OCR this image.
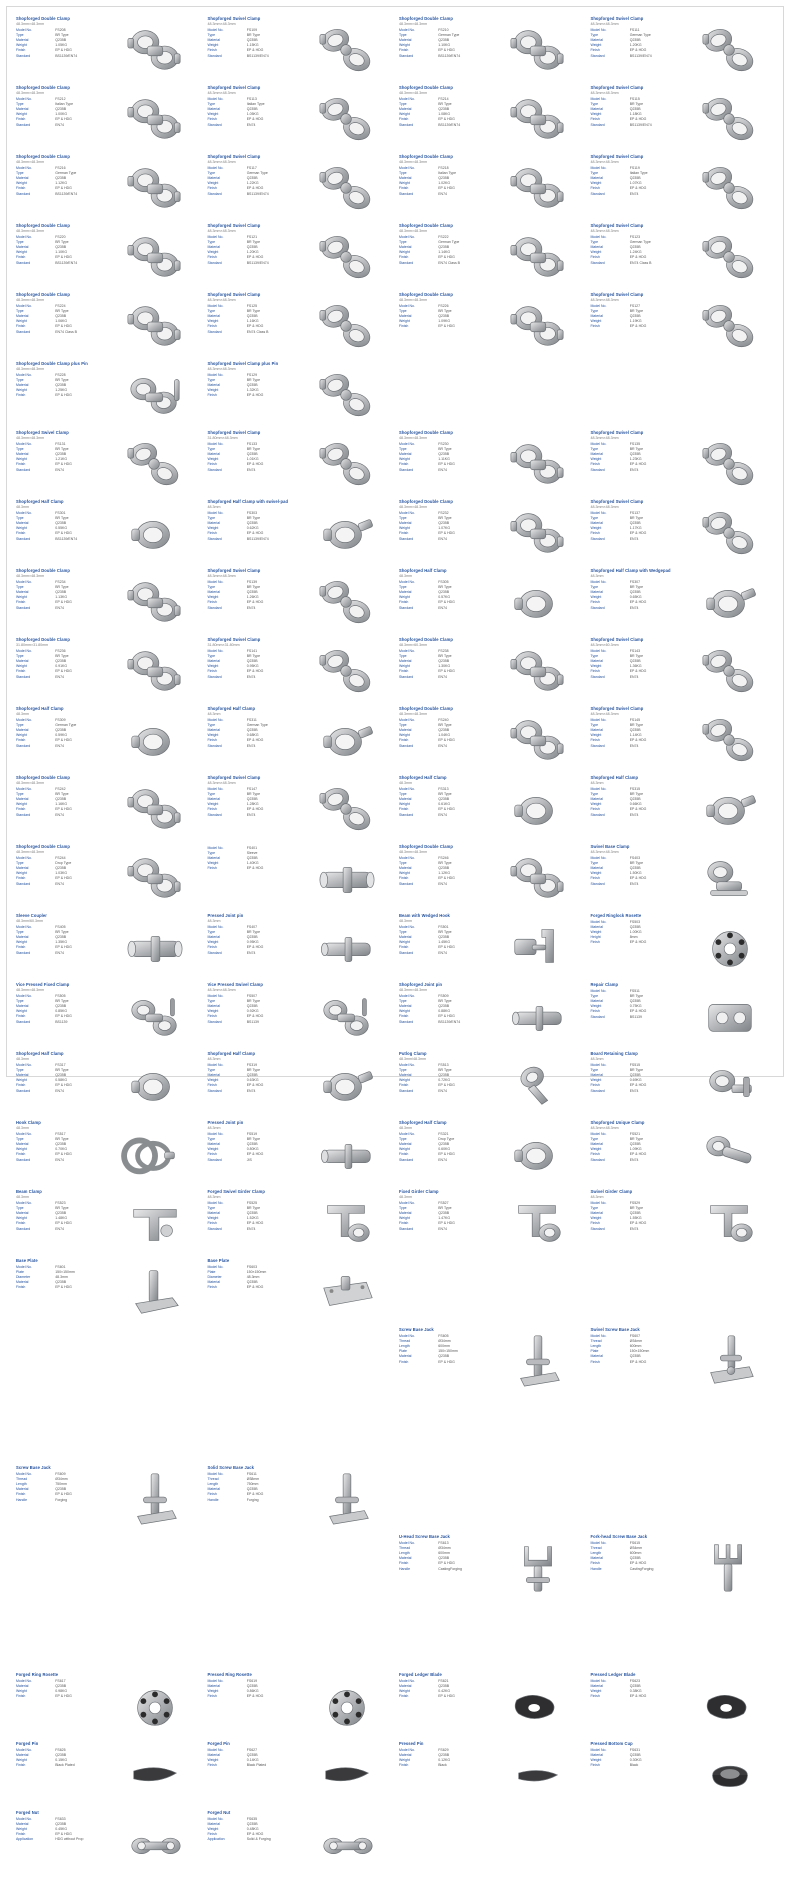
Shopforged Double Clamp
48.3mm×48.3mm
Model No.	FS208
Type	BR Type
Material	Q235B
Weight	1.05KG
Finish	EP & HDG
Standard	BS1139/EN74
Shopforged Swivel Clamp
48.3mm×48.3mm
Model No.	FS109
Type	BR Type
Material	Q235B
Weight	1.15KG
Finish	EP & HDG
Standard	BS1139/EN74
Shopforged Double Clamp
48.3mm×48.3mm
Model No.	FS210
Type	German Type
Material	Q235B
Weight	1.10KG
Finish	EP & HDG
Standard	BS1139/EN74
Shopforged Swivel Clamp
48.3mm×48.3mm
Model No.	FS111
Type	German Type
Material	Q235B
Weight	1.20KG
Finish	EP & HDG
Standard	BS1139/EN74
Shopforged Double Clamp
48.3mm×48.3mm
Model No.	FS212
Type	Italian Type
Material	Q235B
Weight	1.00KG
Finish	EP & HDG
Standard	EN74
Shopforged Swivel Clamp
48.3mm×48.3mm
Model No.	FS113
Type	Italian Type
Material	Q235B
Weight	1.05KG
Finish	EP & HDG
Standard	EN74
Shopforged Double Clamp
48.3mm×48.3mm
Model No.	FS214
Type	BR Type
Material	Q235B
Weight	1.08KG
Finish	EP & HDG
Standard	BS1139/EN74
Shopforged Swivel Clamp
48.3mm×48.3mm
Model No.	FS115
Type	BR Type
Material	Q235B
Weight	1.18KG
Finish	EP & HDG
Standard	BS1139/EN74
Shopforged Double Clamp
48.3mm×48.3mm
Model No.	FS216
Type	German Type
Material	Q235B
Weight	1.12KG
Finish	EP & HDG
Standard	BS1139/EN74
Shopforged Swivel Clamp
48.3mm×48.3mm
Model No.	FS117
Type	German Type
Material	Q235B
Weight	1.22KG
Finish	EP & HDG
Standard	BS1139/EN74
Shopforged Double Clamp
48.3mm×48.3mm
Model No.	FS218
Type	Italian Type
Material	Q235B
Weight	1.02KG
Finish	EP & HDG
Standard	EN74
Shopforged Swivel Clamp
48.3mm×48.3mm
Model No.	FS119
Type	Italian Type
Material	Q235B
Weight	1.07KG
Finish	EP & HDG
Standard	EN74
Shopforged Double Clamp
48.3mm×48.3mm
Model No.	FS220
Type	BR Type
Material	Q235B
Weight	1.10KG
Finish	EP & HDG
Standard	BS1139/EN74
Shopforged Swivel Clamp
48.3mm×48.3mm
Model No.	FS121
Type	BR Type
Material	Q235B
Weight	1.20KG
Finish	EP & HDG
Standard	BS1139/EN74
Shopforged Double Clamp
48.3mm×48.3mm
Model No.	FS222
Type	German Type
Material	Q235B
Weight	1.14KG
Finish	EP & HDG
Standard	EN74 Class B
Shopforged Swivel Clamp
48.3mm×48.3mm
Model No.	FS123
Type	German Type
Material	Q235B
Weight	1.24KG
Finish	EP & HDG
Standard	EN74 Class B
Shopforged Double Clamp
48.3mm×48.3mm
Model No.	FS224
Type	BR Type
Material	Q235B
Weight	1.06KG
Finish	EP & HDG
Standard	EN74 Class B
Shopforged Swivel Clamp
48.3mm×48.3mm
Model No.	FS125
Type	BR Type
Material	Q235B
Weight	1.16KG
Finish	EP & HDG
Standard	EN74 Class B
Shopforged Double Clamp
48.3mm×48.3mm
Model No.	FS226
Type	BR Type
Material	Q235B
Weight	1.09KG
Finish	EP & HDG
Shopforged Swivel Clamp
48.3mm×48.3mm
Model No.	FS127
Type	BR Type
Material	Q235B
Weight	1.19KG
Finish	EP & HDG
Shopforged Double Clamp plus Pin
48.3mm×48.3mm
Model No.	FS228
Type	BR Type
Material	Q235B
Weight	1.25KG
Finish	EP & HDG
Shopforged Swivel Clamp plus Pin
48.3mm×48.3mm
Model No.	FS129
Type	BR Type
Material	Q235B
Weight	1.32KG
Finish	EP & HDG
Shopforged Swivel Clamp
48.3mm×48.3mm
Model No.	FS131
Type	BR Type
Material	Q235B
Weight	1.21KG
Finish	EP & HDG
Standard	EN74
Shopforged Swivel Clamp
31.80mm×48.3mm
Model No.	FS133
Type	BR Type
Material	Q235B
Weight	1.01KG
Finish	EP & HDG
Standard	EN74
Shopforged Double Clamp
48.3mm×48.3mm
Model No.	FS230
Type	BR Type
Material	Q235B
Weight	1.11KG
Finish	EP & HDG
Standard	EN74
Shopforged Swivel Clamp
48.3mm×48.3mm
Model No.	FS135
Type	BR Type
Material	Q235B
Weight	1.23KG
Finish	EP & HDG
Standard	EN74
Shopforged Half Clamp
48.3mm
Model No.	FS301
Type	BR Type
Material	Q235B
Weight	0.55KG
Finish	EP & HDG
Standard	BS1139/EN74
Shopforged Half Clamp with swivel-pad
48.3mm
Model No.	FS303
Type	BR Type
Material	Q235B
Weight	0.62KG
Finish	EP & HDG
Standard	BS1139/EN74
Shopforged Double Clamp
48.3mm×48.3mm
Model No.	FS232
Type	BR Type
Material	Q235B
Weight	1.07KG
Finish	EP & HDG
Standard	EN74
Shopforged Swivel Clamp
48.3mm×48.3mm
Model No.	FS137
Type	BR Type
Material	Q235B
Weight	1.17KG
Finish	EP & HDG
Standard	EN74
Shopforged Double Clamp
48.3mm×48.3mm
Model No.	FS234
Type	BR Type
Material	Q235B
Weight	1.13KG
Finish	EP & HDG
Standard	EN74
Shopforged Swivel Clamp
48.3mm×48.3mm
Model No.	FS139
Type	BR Type
Material	Q235B
Weight	1.26KG
Finish	EP & HDG
Standard	EN74
Shopforged Half Clamp
48.3mm
Model No.	FS305
Type	BR Type
Material	Q235B
Weight	0.57KG
Finish	EP & HDG
Standard	EN74
Shopforged Half Clamp with Wedgepad
48.3mm
Model No.	FS307
Type	BR Type
Material	Q235B
Weight	0.65KG
Finish	EP & HDG
Standard	EN74
Shopforged Double Clamp
31.80mm×31.80mm
Model No.	FS236
Type	BR Type
Material	Q235B
Weight	0.91KG
Finish	EP & HDG
Standard	EN74
Shopforged Swivel Clamp
31.80mm×31.80mm
Model No.	FS141
Type	BR Type
Material	Q235B
Weight	0.95KG
Finish	EP & HDG
Standard	EN74
Shopforged Double Clamp
48.3mm×60.3mm
Model No.	FS238
Type	BR Type
Material	Q235B
Weight	1.30KG
Finish	EP & HDG
Standard	EN74
Shopforged Swivel Clamp
48.3mm×60.3mm
Model No.	FS143
Type	BR Type
Material	Q235B
Weight	1.36KG
Finish	EP & HDG
Standard	EN74
Shopforged Half Clamp
48.3mm
Model No.	FS309
Type	German Type
Material	Q235B
Weight	0.59KG
Finish	EP & HDG
Standard	EN74
Shopforged Half Clamp
48.3mm
Model No.	FS311
Type	German Type
Material	Q235B
Weight	0.68KG
Finish	EP & HDG
Standard	EN74
Shopforged Double Clamp
48.3mm×48.3mm
Model No.	FS240
Type	BR Type
Material	Q235B
Weight	1.04KG
Finish	EP & HDG
Standard	EN74
Shopforged Swivel Clamp
48.3mm×48.3mm
Model No.	FS145
Type	BR Type
Material	Q235B
Weight	1.14KG
Finish	EP & HDG
Standard	EN74
Shopforged Double Clamp
48.3mm×48.3mm
Model No.	FS242
Type	BR Type
Material	Q235B
Weight	1.16KG
Finish	EP & HDG
Standard	EN74
Shopforged Swivel Clamp
48.3mm×48.3mm
Model No.	FS147
Type	BR Type
Material	Q235B
Weight	1.28KG
Finish	EP & HDG
Standard	EN74
Shopforged Half Clamp
48.3mm
Model No.	FS313
Type	BR Type
Material	Q235B
Weight	0.61KG
Finish	EP & HDG
Standard	EN74
Shopforged Half Clamp
48.3mm
Model No.	FS315
Type	BR Type
Material	Q235B
Weight	0.66KG
Finish	EP & HDG
Standard	EN74
Shopforged Double Clamp
48.3mm×48.3mm
Model No.	FS244
Type	Drop Type
Material	Q235B
Weight	1.03KG
Finish	EP & HDG
Standard	EN74
Model No.	FS401
Type	Sleeve
Material	Q235B
Weight	1.40KG
Finish	EP & HDG
Shopforged Double Clamp
48.3mm×48.3mm
Model No.	FS246
Type	BR Type
Material	Q235B
Weight	1.12KG
Finish	EP & HDG
Standard	EN74
Swivel Base Clamp
48.3mm×48.3mm
Model No.	FS403
Type	BR Type
Material	Q235B
Weight	1.50KG
Finish	EP & HDG
Standard	EN74
Sleeve Coupler
48.3mm/60.3mm
Model No.	FS405
Type	BR Type
Material	Q235B
Weight	1.35KG
Finish	EP & HDG
Standard	EN74
Pressed Joint pin
48.3mm
Model No.	FS407
Type	BR Type
Material	Q235B
Weight	0.95KG
Finish	EP & HDG
Standard	EN74
Beam with Wedged Hook
48.3mm
Model No.	FS501
Type	BR Type
Material	Q235B
Weight	1.45KG
Finish	EP & HDG
Standard	EN74
Forged Ringlock Rosette
Model No.	FS503
Material	Q235B
Weight	1.00KG
Height	8mm
Finish	EP & HDG
Vice Pressed Fixed Clamp
48.3mm×48.3mm
Model No.	FS505
Type	BR Type
Material	Q235B
Weight	0.85KG
Finish	EP & HDG
Standard	BS1139
Vice Pressed Swivel Clamp
48.3mm×48.3mm
Model No.	FS507
Type	BR Type
Material	Q235B
Weight	0.92KG
Finish	EP & HDG
Standard	BS1139
Shopforged Joint pin
48.3mm×48.3mm
Model No.	FS509
Type	BR Type
Material	Q235B
Weight	0.88KG
Finish	EP & HDG
Standard	BS1139/EN74
Repair Clamp
Model No.	FS511
Type	BR Type
Material	Q235B
Weight	0.75KG
Finish	EP & HDG
Standard	BS1139
Shopforged Half Clamp
48.3mm
Model No.	FS317
Type	BR Type
Material	Q235B
Weight	0.58KG
Finish	EP & HDG
Standard	EN74
Shopforged Half Clamp
48.3mm
Model No.	FS319
Type	BR Type
Material	Q235B
Weight	0.63KG
Finish	EP & HDG
Standard	EN74
Putlog Clamp
48.3mm/48.3mm
Model No.	FS513
Type	BR Type
Material	Q235B
Weight	0.72KG
Finish	EP & HDG
Standard	EN74
Board Retaining Clamp
48.3mm
Model No.	FS515
Type	BR Type
Material	Q235B
Weight	0.69KG
Finish	EP & HDG
Standard	EN74
Hook Clamp
48.3mm
Model No.	FS517
Type	BR Type
Material	Q235B
Weight	0.70KG
Finish	EP & HDG
Standard	EN74
Pressed Joint pin
48.3mm
Model No.	FS519
Type	BR Type
Material	Q235B
Weight	0.80KG
Finish	EP & HDG
Standard	JIS
Shopforged Half Clamp
48.3mm
Model No.	FS321
Type	Drop Type
Material	Q235B
Weight	0.60KG
Finish	EP & HDG
Standard	EN74
Shopforged Unique Clamp
48.3mm×48.3mm
Model No.	FS521
Type	BR Type
Material	Q235B
Weight	1.09KG
Finish	EP & HDG
Standard	EN74
Beam Clamp
48.3mm
Model No.	FS523
Type	BR Type
Material	Q235B
Weight	1.48KG
Finish	EP & HDG
Standard	EN74
Forged Swivel Girder Clamp
48.3mm
Model No.	FS525
Type	BR Type
Material	Q235B
Weight	1.52KG
Finish	EP & HDG
Standard	EN74
Fixed Girder Clamp
48.3mm
Model No.	FS527
Type	BR Type
Material	Q235B
Weight	1.47KG
Finish	EP & HDG
Standard	EN74
Swivel Girder Clamp
48.3mm
Model No.	FS529
Type	BR Type
Material	Q235B
Weight	1.55KG
Finish	EP & HDG
Standard	EN74
Base Plate
Model No.	FS601
Plate	150×150mm
Diameter	48.3mm
Material	Q235B
Finish	EP & HDG
Base Plate
Model No.	FS603
Plate	150×150mm
Diameter	48.3mm
Material	Q235B
Finish	EP & HDG
Screw Base Jack
Model No.	FS605
Thread	Ø34mm
Length	600mm
Plate	150×150mm
Material	Q235B
Finish	EP & HDG
Swivel Screw Base Jack
Model No.	FS607
Thread	Ø34mm
Length	600mm
Plate	150×150mm
Material	Q235B
Finish	EP & HDG
Screw Base Jack
Model No.	FS609
Thread	Ø34mm
Length	750mm
Material	Q235B
Finish	EP & HDG
Handle	Forging
Solid Screw Base Jack
Model No.	FS611
Thread	Ø38mm
Length	750mm
Material	Q235B
Finish	EP & HDG
Handle	Forging
U-Head Screw Base Jack
Model No.	FS613
Thread	Ø34mm
Length	600mm
Material	Q235B
Finish	EP & HDG
Handle	CastingForging
Fork-head Screw Base Jack
Model No.	FS615
Thread	Ø34mm
Length	600mm
Material	Q235B
Finish	EP & HDG
Handle	CastingForging
Forged Ring Rosette
Model No.	FS617
Material	Q235B
Weight	0.98KG
Finish	EP & HDG
Pressed Ring Rosette
Model No.	FS619
Material	Q235B
Weight	0.86KG
Finish	EP & HDG
Forged Ledger Blade
Model No.	FS621
Material	Q235B
Weight	0.42KG
Finish	EP & HDG
Pressed Ledger Blade
Model No.	FS623
Material	Q235B
Weight	0.38KG
Finish	EP & HDG
Forged Pin
Model No.	FS625
Material	Q235B
Weight	0.15KG
Finish	Black Plated
Forged Pin
Model No.	FS627
Material	Q235B
Weight	0.14KG
Finish	Black Plated
Pressed Pin
Model No.	FS629
Material	Q235B
Weight	0.12KG
Finish	Black
Pressed Bottom Cup
Model No.	FS631
Material	Q235B
Weight	0.30KG
Finish	Black
Forged Nut
Model No.	FS633
Material	Q235B
Weight	0.45KG
Finish	EP & HDG
Application	HDG without Prop
Forged Nut
Model No.	FS635
Material	Q235B
Weight	0.48KG
Finish	EP & HDG
Application	Solid & Forging
